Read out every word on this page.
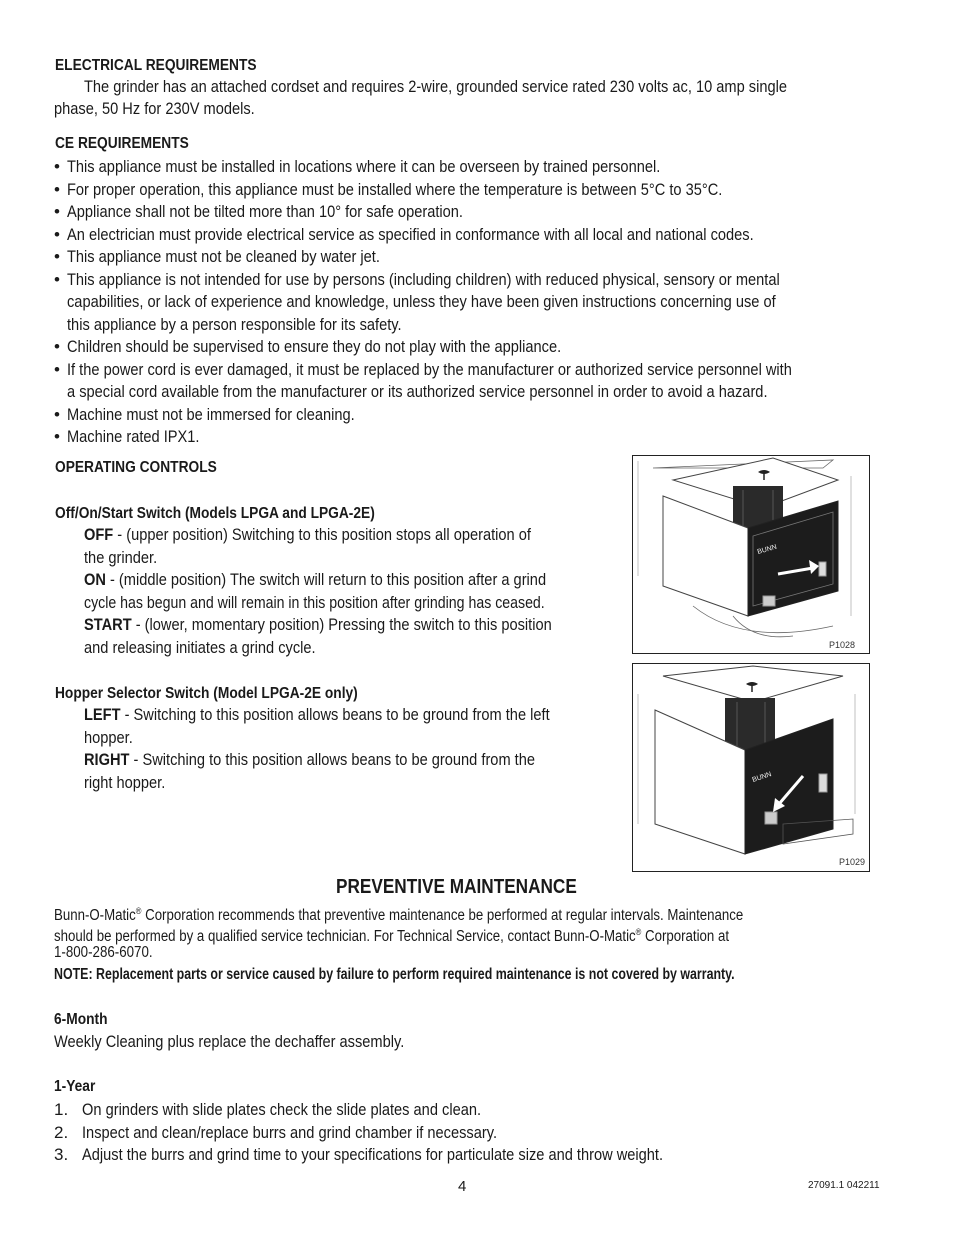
ELECTRICAL REQUIREMENTS
The grinder has an attached cordset and requires 2-wire, grounded service rated 230 volts ac, 10 amp single
phase, 50 Hz for 230V models.
CE REQUIREMENTS
• This appliance must be installed in locations where it can be overseen by trained personnel.
• For proper operation, this appliance must be installed where the temperature is between 5°C to 35°C.
• Appliance shall not be tilted more than 10° for safe operation.
• An electrician must provide electrical service as specified in conformance with all local and national codes.
• This appliance must not be cleaned by water jet.
• This appliance is not intended for use by persons (including children) with reduced physical, sensory or mental
capabilities, or lack of experience and knowledge, unless they have been given instructions concerning use of
this appliance by a person responsible for its safety.
• Children should be supervised to ensure they do not play with the appliance.
• If the power cord is ever damaged, it must be replaced by the manufacturer or authorized service personnel with
a special cord available from the manufacturer or its authorized service personnel in order to avoid a hazard.
• Machine must not be immersed for cleaning.
• Machine rated IPX1.
OPERATING CONTROLS
Off/On/Start Switch (Models LPGA and LPGA-2E)
OFF - (upper position) Switching to this position stops all operation of
the grinder.
ON - (middle position) The switch will return to this position after a grind
cycle has begun and will remain in this position after grinding has ceased.
START - (lower, momentary position) Pressing the switch to this position
and releasing initiates a grind cycle.
Hopper Selector Switch (Model LPGA-2E only)
LEFT - Switching to this position allows beans to be ground from the left
hopper.
RIGHT - Switching to this position allows beans to be ground from the
right hopper.
BUNN
P1028
BUNN
P1029
PREVENTIVE MAINTENANCE
Bunn-O-Matic® Corporation recommends that preventive maintenance be performed at regular intervals. Maintenance
should be performed by a qualified service technician. For Technical Service, contact Bunn-O-Matic® Corporation at
1-800-286-6070.
NOTE: Replacement parts or service caused by failure to perform required maintenance is not covered by warranty.
6-Month
Weekly Cleaning plus replace the dechaffer assembly.
1-Year
1. On grinders with slide plates check the slide plates and clean.
2. Inspect and clean/replace burrs and grind chamber if necessary.
3. Adjust the burrs and grind time to your specifications for particulate size and throw weight.
4	27091.1 042211
